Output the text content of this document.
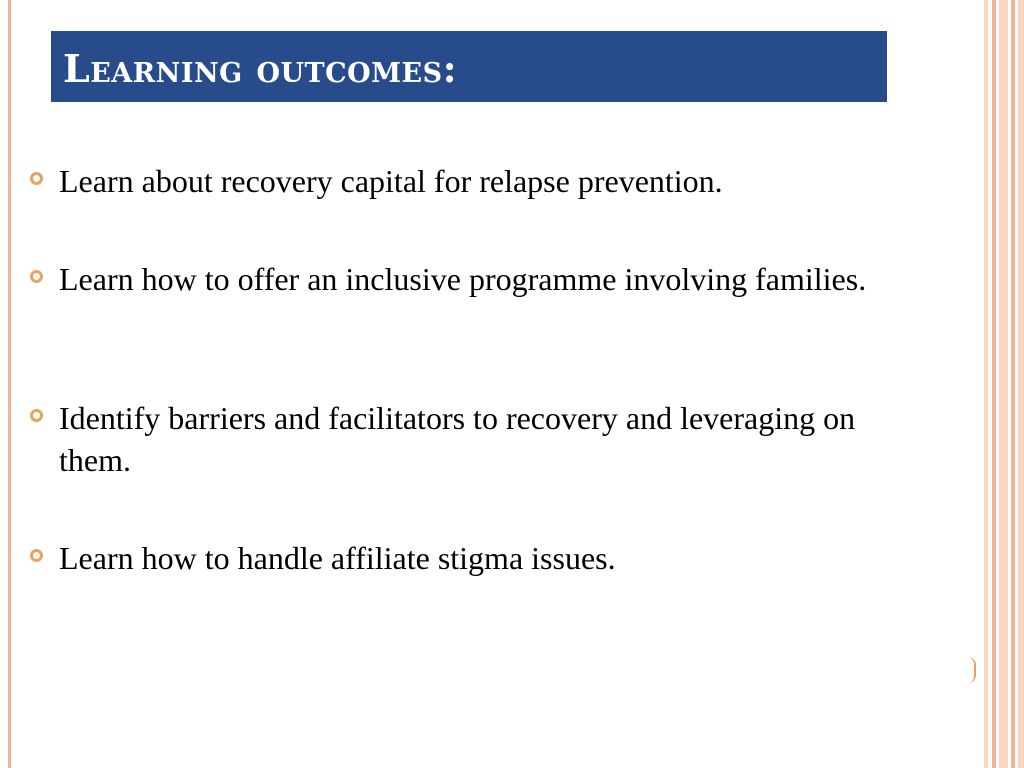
Learning outcomes:
Learn about recovery capital for relapse prevention.
Learn how to offer an inclusive programme involving families.
Identify barriers and facilitators to recovery and leveraging on them.
Learn how to handle affiliate stigma issues.
